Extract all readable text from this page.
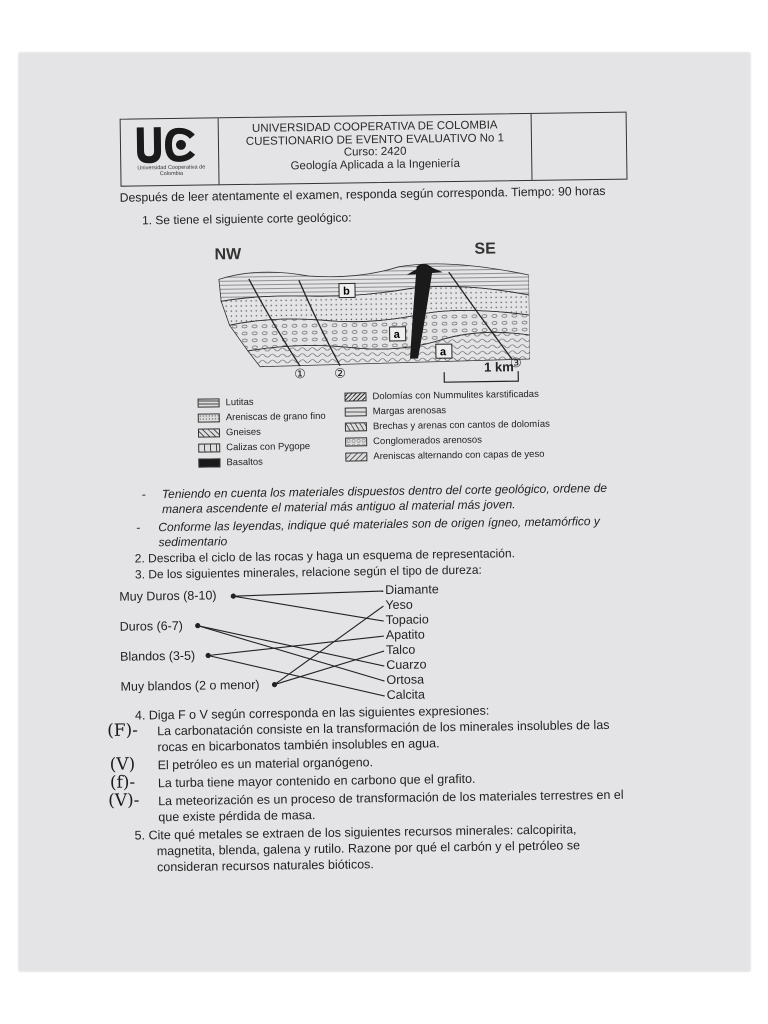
Universidad Cooperativa de Colombia
UNIVERSIDAD COOPERATIVA DE COLOMBIA
CUESTIONARIO DE EVENTO EVALUATIVO No 1
Curso: 2420
Geología Aplicada a la Ingeniería
Después de leer atentamente el examen, responda según corresponda. Tiempo: 90 horas
1. Se tiene el siguiente corte geológico:
NW	SE
b
a
a
① ②
③
1 km
Lutitas
Areniscas de grano fino
Gneises
Calizas con Pygope
Basaltos
Dolomías con Nummulites karstificadas
Margas arenosas
Brechas y arenas con cantos de dolomías
Conglomerados arenosos
Areniscas alternando con capas de yeso
- Teniendo en cuenta los materiales dispuestos dentro del corte geológico, ordene de
manera ascendente el material más antiguo al material más joven.
- Conforme las leyendas, indique qué materiales son de origen ígneo, metamórfico y
sedimentario
2. Describa el ciclo de las rocas y haga un esquema de representación.
3. De los siguientes minerales, relacione según el tipo de dureza:
Muy Duros (8-10)
Duros (6-7)
Blandos (3-5)
Muy blandos (2 o menor)
Diamante
Yeso
Topacio
Apatito
Talco
Cuarzo
Ortosa
Calcita
4. Diga F o V según corresponda en las siguientes expresiones:
(F)- La carbonatación consiste en la transformación de los minerales insolubles de las
rocas en bicarbonatos también insolubles en agua.
(V) El petróleo es un material organógeno.
(f)- La turba tiene mayor contenido en carbono que el grafito.
(V)- La meteorización es un proceso de transformación de los materiales terrestres en el
que existe pérdida de masa.
5. Cite qué metales se extraen de los siguientes recursos minerales: calcopirita,
magnetita, blenda, galena y rutilo. Razone por qué el carbón y el petróleo se
consideran recursos naturales bióticos.
